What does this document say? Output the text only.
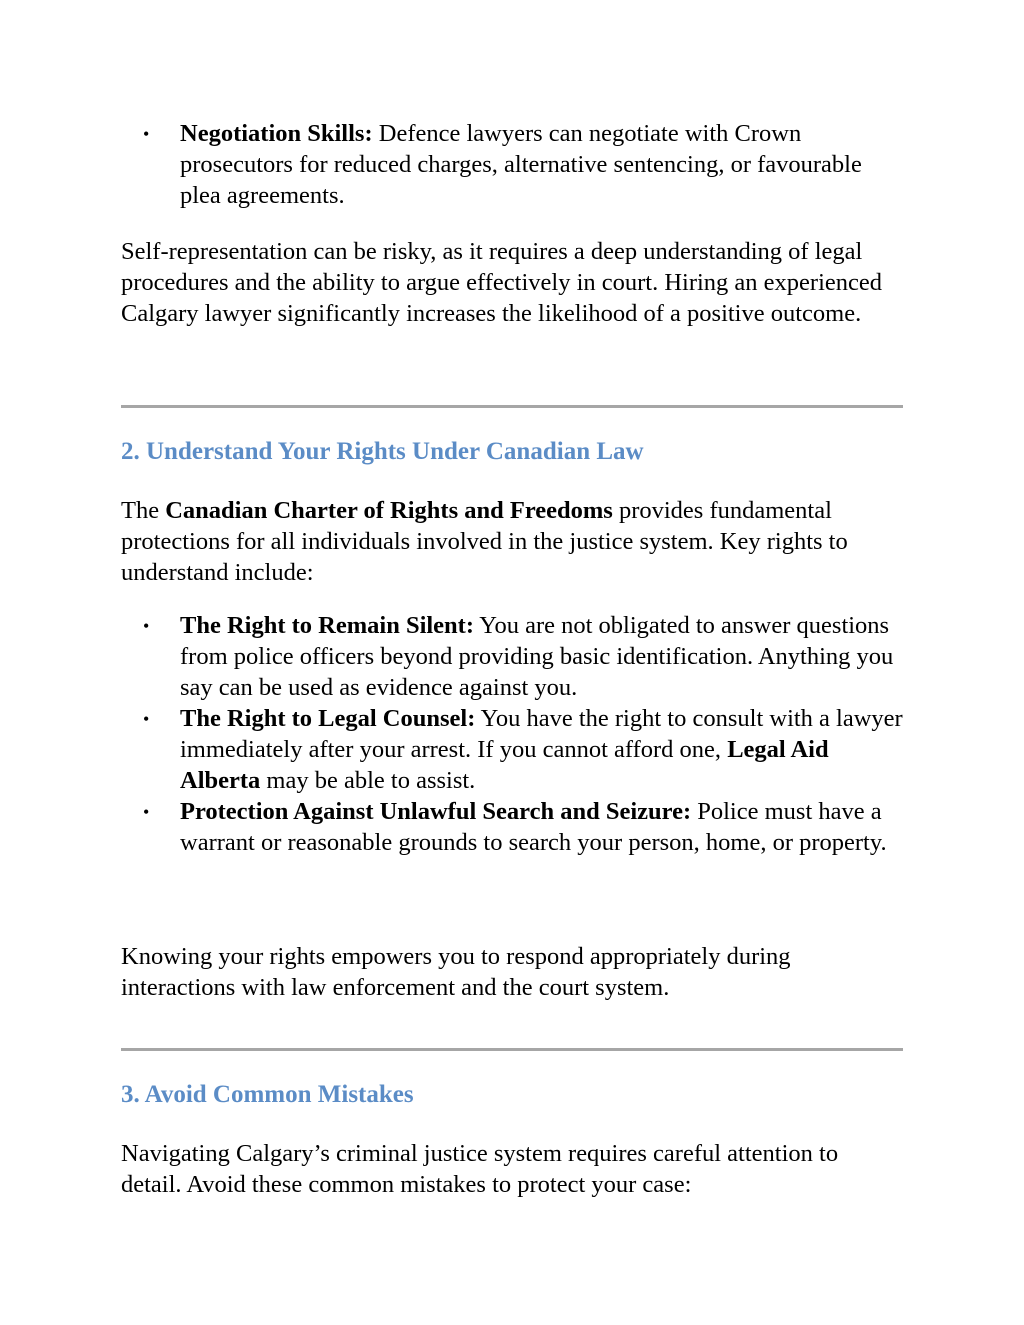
• Negotiation Skills: Defence lawyers can negotiate with Crown prosecutors for reduced charges, alternative sentencing, or favourable plea agreements.

Self-representation can be risky, as it requires a deep understanding of legal procedures and the ability to argue effectively in court. Hiring an experienced Calgary lawyer significantly increases the likelihood of a positive outcome.

2. Understand Your Rights Under Canadian Law

The Canadian Charter of Rights and Freedoms provides fundamental protections for all individuals involved in the justice system. Key rights to understand include:

• The Right to Remain Silent: You are not obligated to answer questions from police officers beyond providing basic identification. Anything you say can be used as evidence against you.
• The Right to Legal Counsel: You have the right to consult with a lawyer immediately after your arrest. If you cannot afford one, Legal Aid Alberta may be able to assist.
• Protection Against Unlawful Search and Seizure: Police must have a warrant or reasonable grounds to search your person, home, or property.

Knowing your rights empowers you to respond appropriately during interactions with law enforcement and the court system.

3. Avoid Common Mistakes

Navigating Calgary’s criminal justice system requires careful attention to detail. Avoid these common mistakes to protect your case:
